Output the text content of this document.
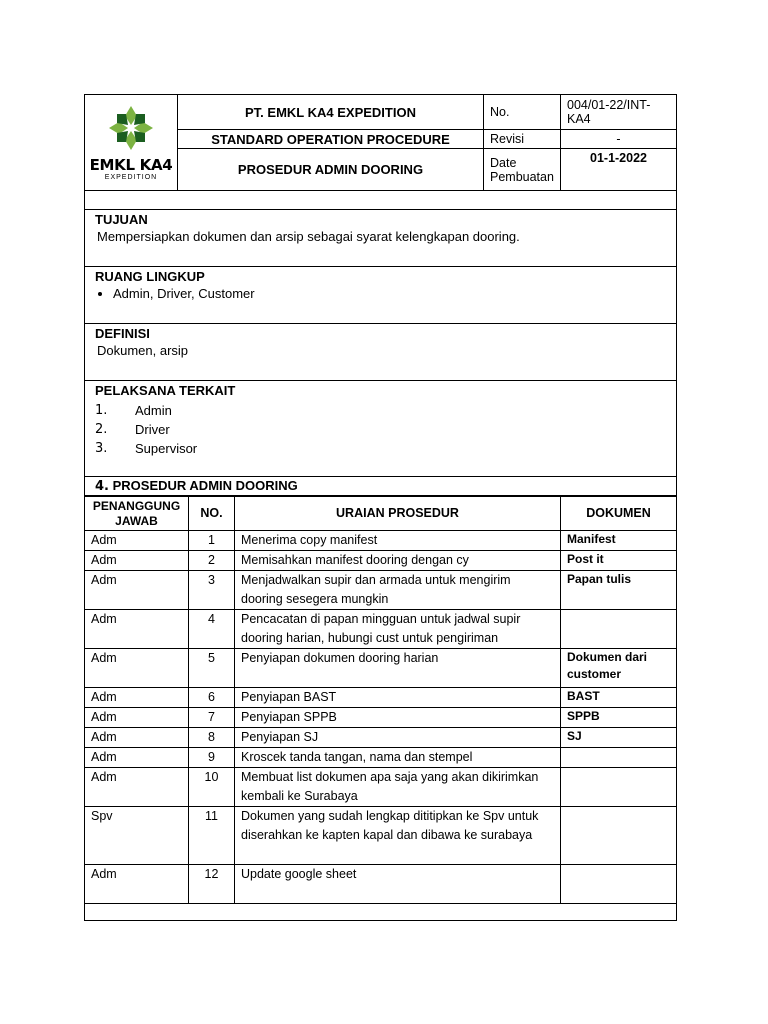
EMKL KA4
EXPEDITION	PT. EMKL KA4 EXPEDITION	No.	004/01-22/INT-KA4
	STANDARD OPERATION PROCEDURE	Revisi	-
	PROSEDUR ADMIN DOORING	Date Pembuatan	01-1-2022
TUJUAN

Mempersiapkan dokumen dan arsip sebagai syarat kelengkapan dooring.

RUANG LINGKUP
• Admin, Driver, Customer
DEFINISI

Dokumen, arsip

PELAKSANA TERKAIT
1.	Admin
2.	Driver
3.	Supervisor
4. PROSEDUR ADMIN DOORING
PENANGGUNG JAWAB	NO.	URAIAN PROSEDUR	DOKUMEN
Adm	1	Menerima copy manifest	Manifest
Adm	2	Memisahkan manifest dooring dengan cy	Post it
Adm	3	Menjadwalkan supir dan armada untuk mengirim dooring sesegera mungkin	Papan tulis
Adm	4	Pencacatan di papan mingguan untuk jadwal supir dooring harian, hubungi cust untuk pengiriman	
Adm	5	Penyiapan dokumen dooring harian	Dokumen dari customer
Adm	6	Penyiapan BAST	BAST
Adm	7	Penyiapan SPPB	SPPB
Adm	8	Penyiapan SJ	SJ
Adm	9	Kroscek tanda tangan, nama dan stempel	
Adm	10	Membuat list dokumen apa saja yang akan dikirimkan kembali ke Surabaya	
Spv	11	Dokumen yang sudah lengkap dititipkan ke Spv untuk diserahkan ke kapten kapal dan dibawa ke surabaya	
Adm	12	Update google sheet	
